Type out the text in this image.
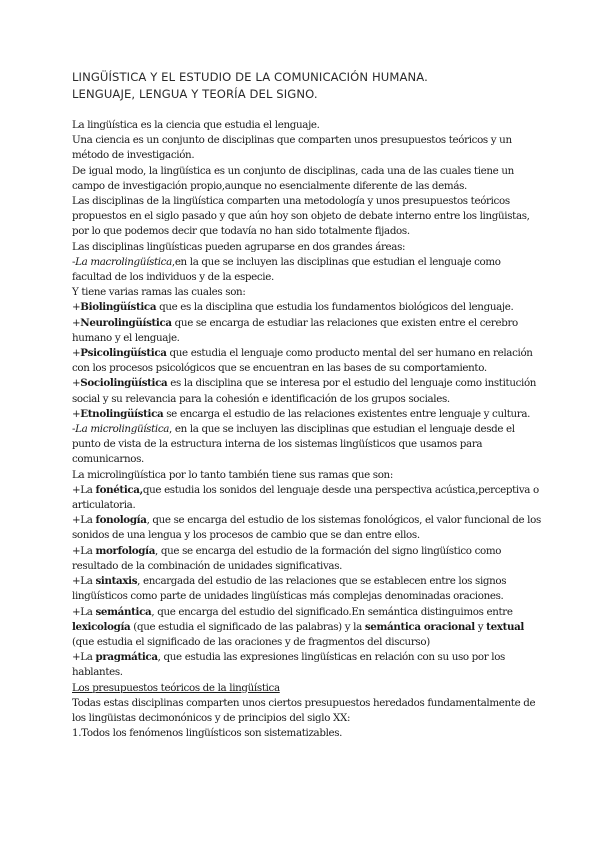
LINGÜÍSTICA Y EL ESTUDIO DE LA COMUNICACIÓN HUMANA.
LENGUAJE, LENGUA Y TEORÍA DEL SIGNO.

La lingüística es la ciencia que estudia el lenguaje.

Una ciencia es un conjunto de disciplinas que comparten unos presupuestos teóricos y un método de investigación.

De igual modo, la lingüística es un conjunto de disciplinas, cada una de las cuales tiene un campo de investigación propio,aunque no esencialmente diferente de las demás.

Las disciplinas de la lingüística comparten una metodología y unos presupuestos teóricos propuestos en el siglo pasado y que aún hoy son objeto de debate interno entre los lingüistas, por lo que podemos decir que todavía no han sido totalmente fijados.

Las disciplinas lingüísticas pueden agruparse en dos grandes áreas:

-La macrolingüística,en la que se incluyen las disciplinas que estudian el lenguaje como facultad de los individuos y de la especie.

Y tiene varias ramas las cuales son:

+Biolingüística que es la disciplina que estudia los fundamentos biológicos del lenguaje.

+Neurolingüística que se encarga de estudiar las relaciones que existen entre el cerebro humano y el lenguaje.

+Psicolingüística que estudia el lenguaje como producto mental del ser humano en relación con los procesos psicológicos que se encuentran en las bases de su comportamiento.

+Sociolingüística es la disciplina que se interesa por el estudio del lenguaje como institución social y su relevancia para la cohesión e identificación de los grupos sociales.

+Etnolingüística se encarga el estudio de las relaciones existentes entre lenguaje y cultura.

-La microlingüística, en la que se incluyen las disciplinas que estudian el lenguaje desde el punto de vista de la estructura interna de los sistemas lingüísticos que usamos para comunicarnos.

La microlingüística por lo tanto también tiene sus ramas que son:

+La fonética,que estudia los sonidos del lenguaje desde una perspectiva acústica,perceptiva o articulatoria.

+La fonología, que se encarga del estudio de los sistemas fonológicos, el valor funcional de los sonidos de una lengua y los procesos de cambio que se dan entre ellos.

+La morfología, que se encarga del estudio de la formación del signo lingüístico como resultado de la combinación de unidades significativas.

+La sintaxis, encargada del estudio de las relaciones que se establecen entre los signos lingüísticos como parte de unidades lingüísticas más complejas denominadas oraciones.

+La semántica, que encarga del estudio del significado.En semántica distinguimos entre lexicología (que estudia el significado de las palabras) y la semántica oracional y textual (que estudia el significado de las oraciones y de fragmentos del discurso)

+La pragmática, que estudia las expresiones lingüísticas en relación con su uso por los hablantes.

Los presupuestos teóricos de la lingüística

Todas estas disciplinas comparten unos ciertos presupuestos heredados fundamentalmente de los lingüistas decimonónicos y de principios del siglo XX:

1.Todos los fenómenos lingüísticos son sistematizables.
